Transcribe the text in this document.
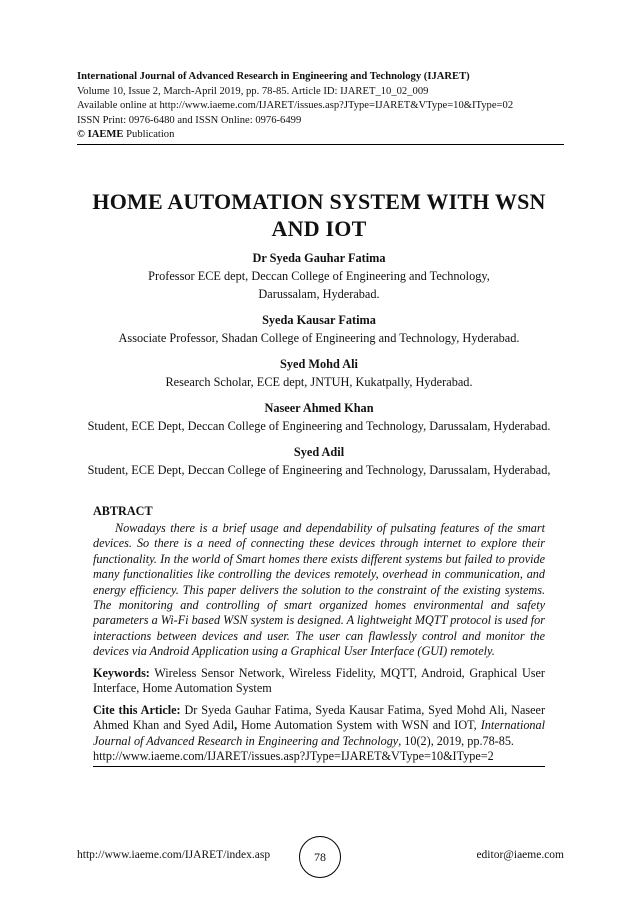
International Journal of Advanced Research in Engineering and Technology (IJARET)
Volume 10, Issue 2, March-April 2019, pp. 78-85. Article ID: IJARET_10_02_009
Available online at http://www.iaeme.com/IJARET/issues.asp?JType=IJARET&VType=10&IType=02
ISSN Print: 0976-6480 and ISSN Online: 0976-6499
© IAEME Publication
HOME AUTOMATION SYSTEM WITH WSN
AND IOT
Dr Syeda Gauhar Fatima
Professor ECE dept, Deccan College of Engineering and Technology,
Darussalam, Hyderabad.
Syeda Kausar Fatima
Associate Professor, Shadan College of Engineering and Technology, Hyderabad.
Syed Mohd Ali
Research Scholar, ECE dept, JNTUH, Kukatpally, Hyderabad.
Naseer Ahmed Khan
Student, ECE Dept, Deccan College of Engineering and Technology, Darussalam, Hyderabad.
Syed Adil
Student, ECE Dept, Deccan College of Engineering and Technology, Darussalam, Hyderabad,
ABTRACT

Nowadays there is a brief usage and dependability of pulsating features of the smart devices. So there is a need of connecting these devices through internet to explore their functionality. In the world of Smart homes there exists different systems but failed to provide many functionalities like controlling the devices remotely, overhead in communication, and energy efficiency. This paper delivers the solution to the constraint of the existing systems. The monitoring and controlling of smart organized homes environmental and safety parameters a Wi-Fi based WSN system is designed. A lightweight MQTT protocol is used for interactions between devices and user. The user can flawlessly control and monitor the devices via Android Application using a Graphical User Interface (GUI) remotely.

Keywords: Wireless Sensor Network, Wireless Fidelity, MQTT, Android, Graphical User Interface, Home Automation System

Cite this Article: Dr Syeda Gauhar Fatima, Syeda Kausar Fatima, Syed Mohd Ali, Naseer Ahmed Khan and Syed Adil, Home Automation System with WSN and IOT, International Journal of Advanced Research in Engineering and Technology, 10(2), 2019, pp.78-85.

http://www.iaeme.com/IJARET/issues.asp?JType=IJARET&VType=10&IType=2
http://www.iaeme.com/IJARET/index.asp	78	editor@iaeme.com
